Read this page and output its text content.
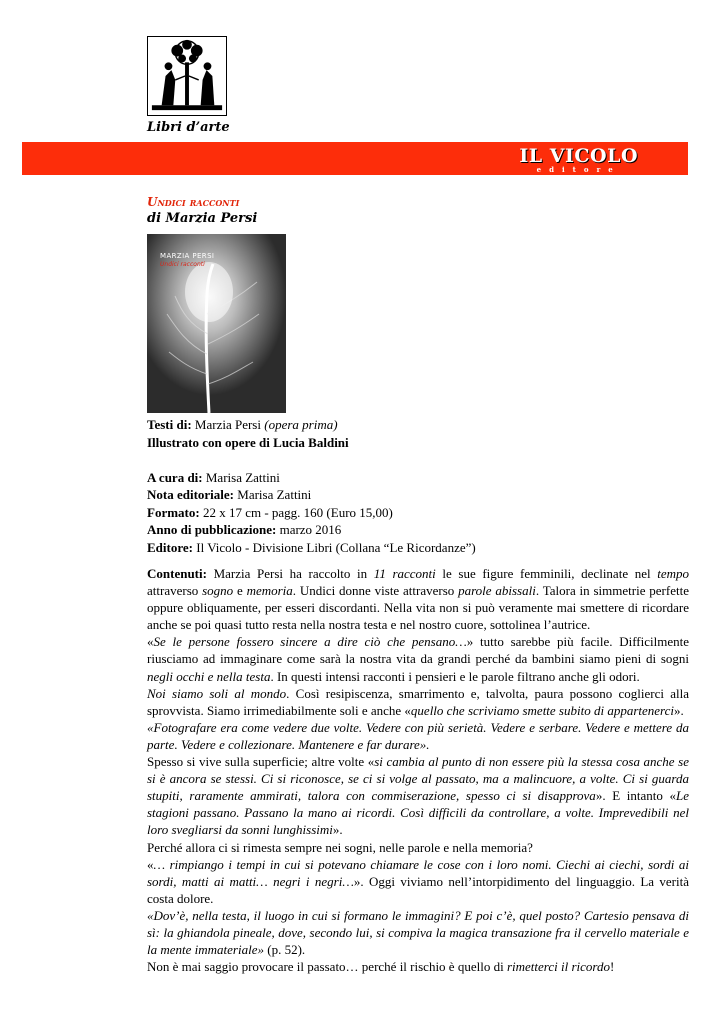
Libri d’arte
IL VICOLO
editore
Undici racconti
di Marzia Persi
MARZIA PERSI
Undici racconti
Testi di: Marzia Persi (opera prima)
Illustrato con opere di Lucia Baldini
A cura di: Marisa Zattini
Nota editoriale: Marisa Zattini
Formato: 22 x 17 cm - pagg. 160 (Euro 15,00)
Anno di pubblicazione: marzo 2016
Editore: Il Vicolo - Divisione Libri (Collana “Le Ricordanze”)

Contenuti: Marzia Persi ha raccolto in 11 racconti le sue figure femminili, declinate nel tempo attraverso sogno e memoria. Undici donne viste attraverso parole abissali. Talora in simmetrie perfette oppure obliquamente, per esseri discordanti. Nella vita non si può veramente mai smettere di ricordare anche se poi quasi tutto resta nella nostra testa e nel nostro cuore, sottolinea l’autrice.

«Se le persone fossero sincere a dire ciò che pensano…» tutto sarebbe più facile. Difficilmente riusciamo ad immaginare come sarà la nostra vita da grandi perché da bambini siamo pieni di sogni negli occhi e nella testa. In questi intensi racconti i pensieri e le parole filtrano anche gli odori.

Noi siamo soli al mondo. Così resipiscenza, smarrimento e, talvolta, paura possono coglierci alla sprovvista. Siamo irrimediabilmente soli e anche «quello che scriviamo smette subito di appartenerci».

«Fotografare era come vedere due volte. Vedere con più serietà. Vedere e serbare. Vedere e mettere da parte. Vedere e collezionare. Mantenere e far durare».

Spesso si vive sulla superficie; altre volte «si cambia al punto di non essere più la stessa cosa anche se si è ancora se stessi. Ci si riconosce, se ci si volge al passato, ma a malincuore, a volte. Ci si guarda stupiti, raramente ammirati, talora con commiserazione, spesso ci si disapprova». E intanto «Le stagioni passano. Passano la mano ai ricordi. Così difficili da controllare, a volte. Imprevedibili nel loro svegliarsi da sonni lunghissimi».

Perché allora ci si rimesta sempre nei sogni, nelle parole e nella memoria?

«… rimpiango i tempi in cui si potevano chiamare le cose con i loro nomi. Ciechi ai ciechi, sordi ai sordi, matti ai matti… negri i negri…». Oggi viviamo nell’intorpidimento del linguaggio. La verità costa dolore.

«Dov’è, nella testa, il luogo in cui si formano le immagini? E poi c’è, quel posto? Cartesio pensava di sì: la ghiandola pineale, dove, secondo lui, si compiva la magica transazione fra il cervello materiale e la mente immateriale» (p. 52).

Non è mai saggio provocare il passato… perché il rischio è quello di rimetterci il ricordo!
